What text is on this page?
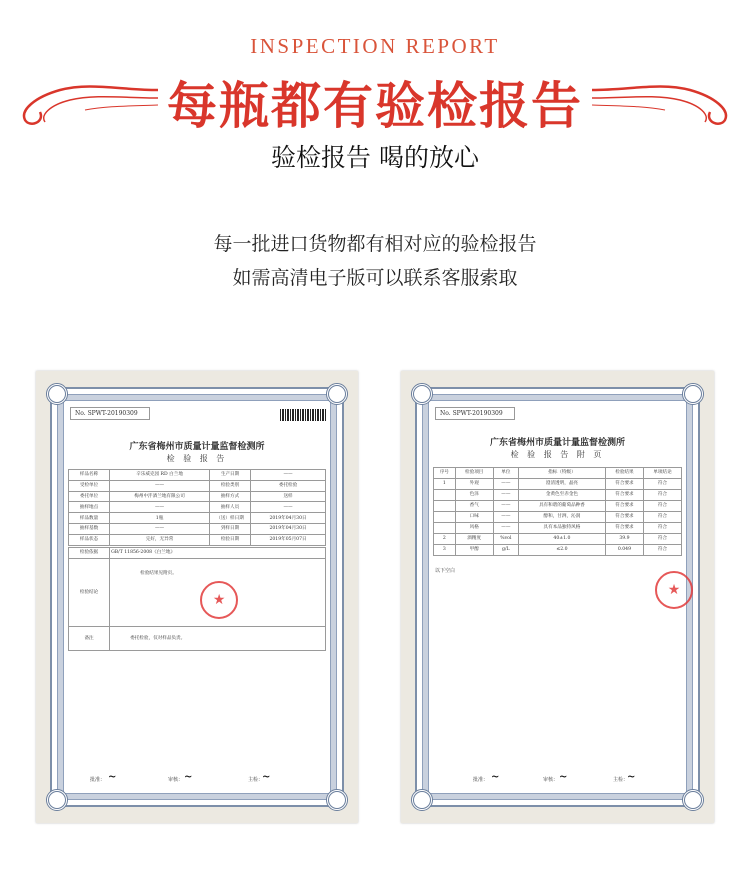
INSPECTION REPORT
每瓶都有验检报告
验检报告 喝的放心
每一批进口货物都有相对应的验检报告
如需高清电子版可以联系客服索取
No. SPWT-20190309
广东省梅州市质量计量监督检测所
检 验 报 告
样品名称	辛乐威克园 RD 白兰地	生产日期	——
受检单位	——	检验类别	委托检验
委托单位	梅州中沣酒兰地有限公司	抽样方式	送样
抽样地点	——	抽样人员	——
样品数量	1瓶	（送）样日期	2019年04月30日
抽样基数	——	到样日期	2019年04月30日
样品状态	完好，无异常	检验日期	2019年05月07日
检验依据	GB/T 11856-2008《白兰地》
检验结论	检验结果见附页。
★

备注	委托检验，仅对样品负责。
批准： ~	审核： ~	主检：
~
No. SPWT-20190309
广东省梅州市质量计量监督检测所
检 验 报 告 附 页
序号	检验项目	单位	指标（特级）	检验结果	单项结论
1	外观	——	澄清透明，晶亮	符合要求	符合
	色泽	——	金黄色至赤金色	符合要求	符合
	香气	——	具有和谐的葡萄品种香	符合要求	符合
	口味	——	醇和，甘洌，沁润	符合要求	符合
	风格	——	具有本品独特风格	符合要求	符合
2	酒精度	%vol	40±1.0	39.9	符合
3	甲醇	g/L	≤2.0	0.049	符合
以下空白
★
批准： ~	审核： ~	主检：
~
